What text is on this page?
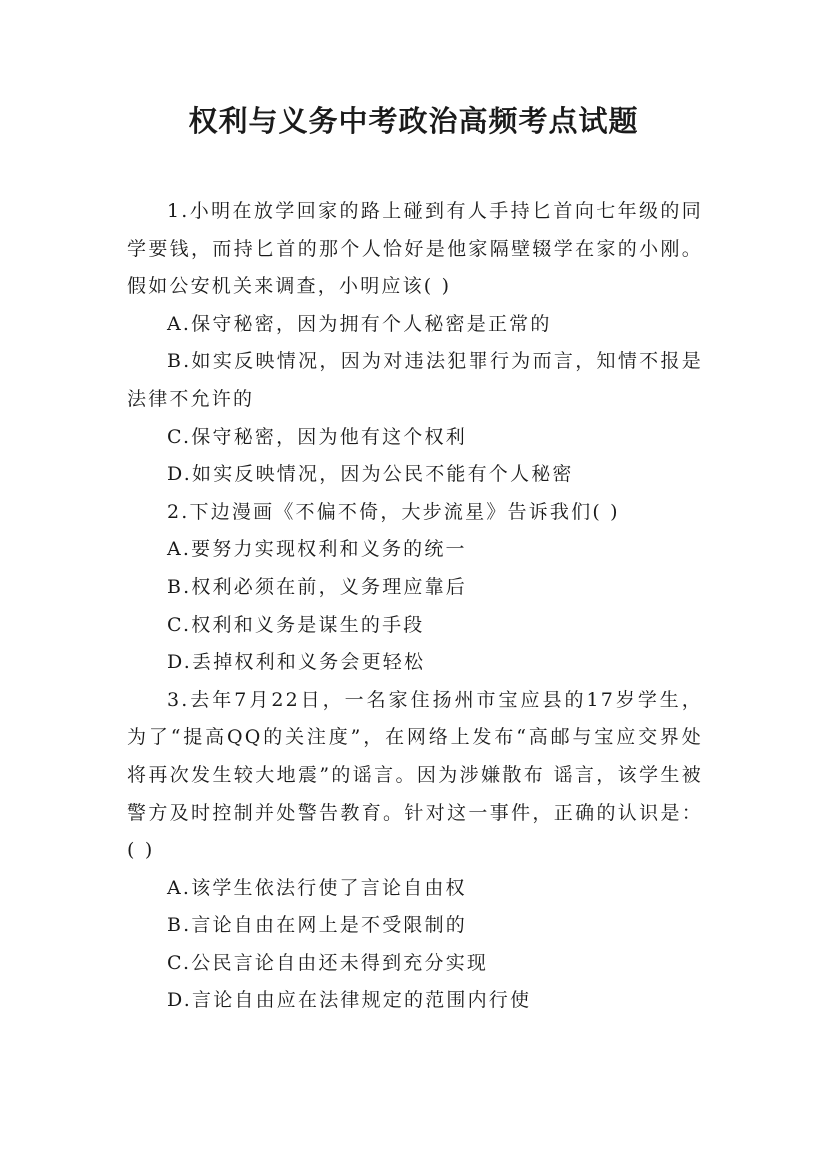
权利与义务中考政治高频考点试题

1.小明在放学回家的路上碰到有人手持匕首向七年级的同学要钱，而持匕首的那个人恰好是他家隔壁辍学在家的小刚。假如公安机关来调查，小明应该( )

A.保守秘密，因为拥有个人秘密是正常的

B.如实反映情况，因为对违法犯罪行为而言，知情不报是法律不允许的

C.保守秘密，因为他有这个权利

D.如实反映情况，因为公民不能有个人秘密

2.下边漫画《不偏不倚，大步流星》告诉我们( )

A.要努力实现权利和义务的统一

B.权利必须在前，义务理应靠后

C.权利和义务是谋生的手段

D.丢掉权利和义务会更轻松

3.去年7月22日，一名家住扬州市宝应县的17岁学生，为了“提高QQ的关注度”，在网络上发布“高邮与宝应交界处将再次发生较大地震”的谣言。因为涉嫌散布 谣言，该学生被警方及时控制并处警告教育。针对这一事件，正确的认识是：( )

A.该学生依法行使了言论自由权

B.言论自由在网上是不受限制的

C.公民言论自由还未得到充分实现

D.言论自由应在法律规定的范围内行使
